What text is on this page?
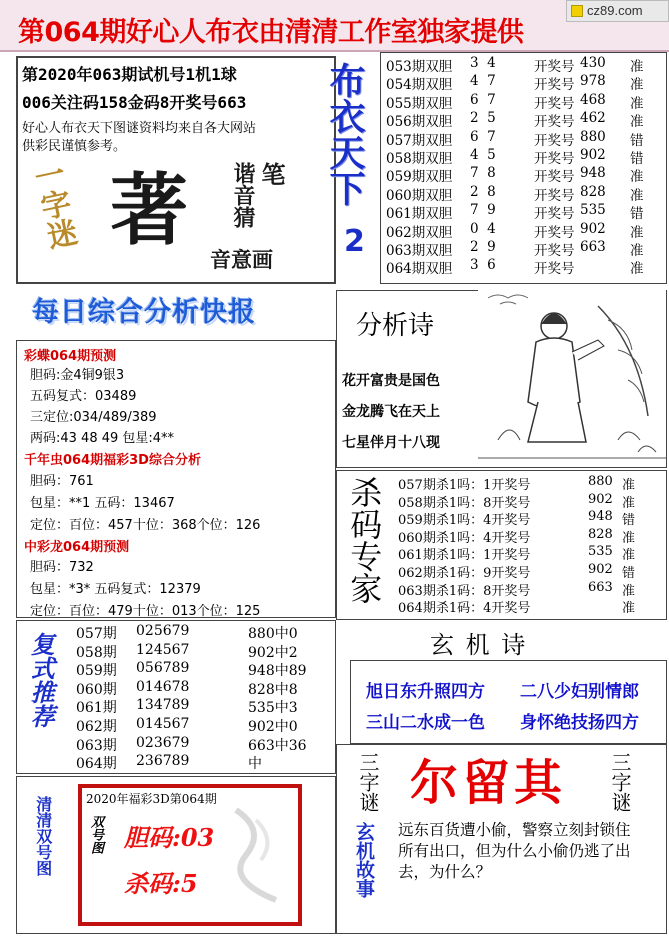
第064期好心人布衣由清清工作室独家提供
cz89.com
第2020年063期试机号1机1球
006关注码158金码8开奖号663
好心人布衣天下图谜资料均来自各大网站
供彩民谨慎参考。
一字迷 著 谐音猜 笔
音意画
布衣天下
2
053期双胆 3  4	开奖号 430 准
054期双胆 4  7	开奖号 978 准
055期双胆 6  7	开奖号 468 准
056期双胆 2  5	开奖号 462 准
057期双胆 6  7	开奖号 880 错
058期双胆 4  5	开奖号 902 错
059期双胆 7  8	开奖号 948 准
060期双胆 2  8	开奖号 828 准
061期双胆 7  9	开奖号 535 错
062期双胆 0  4	开奖号 902 准
063期双胆 2  9	开奖号 663 准
064期双胆 3  6	开奖号	准
每日综合分析快报
彩蝶064期预测
胆码:金4铜9银3
五码复式：03489
三定位:034/489/389
两码:43 48 49 包星:4**
千年虫064期福彩3D综合分析
胆码：761
包星：**1 五码：13467
定位：百位：457十位：368个位：126
中彩龙064期预测
胆码：732
包星：*3* 五码复式：12379
定位：百位：479十位：013个位：125
分析诗
花开富贵是国色
金龙腾飞在天上
七星伴月十八现
杀码专家 057期杀1吗：1开奖号	880 准
058期杀1吗：8开奖号	902 准
059期杀1吗：4开奖号	948 错
060期杀1吗：4开奖号	828 准
061期杀1吗：1开奖号	535 准
062期杀1码：9开奖号	902 错
063期杀1码：8开奖号	663 准
064期杀1码：4开奖号	准
复式推荐 057期 025679	880中0
058期 124567	902中2
059期 056789	948中89
060期 014678	828中8
061期 134789	535中3
062期 014567	902中0
063期 023679	663中36
064期 236789	中
玄 机 诗
旭日东升照四方 二八少妇别情郎
三山二水成一色 身怀绝技扬四方
清清双号图	2020年福彩3D第064期
双号图 胆码:03
杀码:5
三字谜 尔留其 三字谜
玄机故事 远东百货遭小偷，警察立刻封锁住所有出口，但为什么小偷仍逃了出去，为什么？
